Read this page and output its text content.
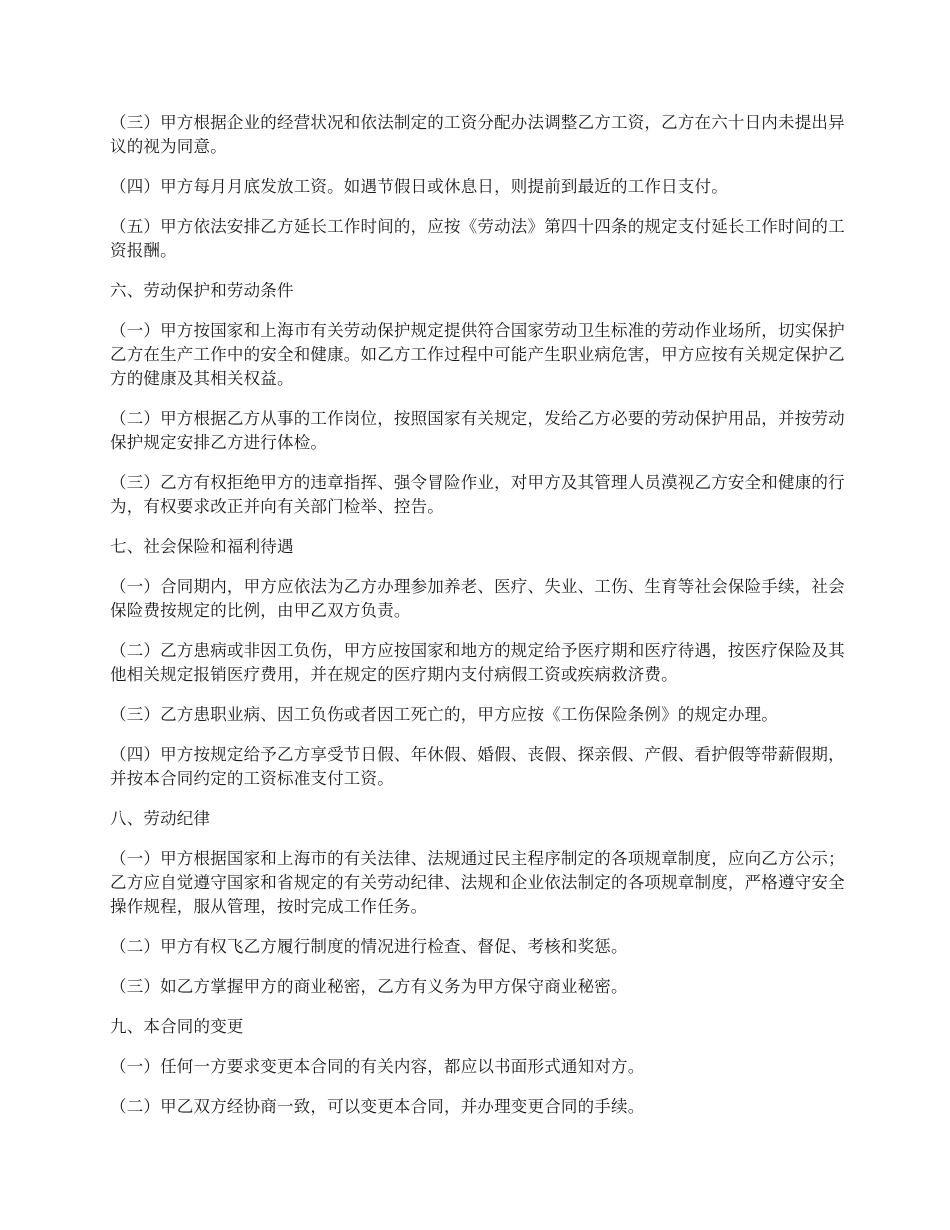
（三）甲方根据企业的经营状况和依法制定的工资分配办法调整乙方工资，乙方在六十日内未提出异议的视为同意。

（四）甲方每月月底发放工资。如遇节假日或休息日，则提前到最近的工作日支付。

（五）甲方依法安排乙方延长工作时间的，应按《劳动法》第四十四条的规定支付延长工作时间的工资报酬。

六、劳动保护和劳动条件

（一）甲方按国家和上海市有关劳动保护规定提供符合国家劳动卫生标准的劳动作业场所，切实保护乙方在生产工作中的安全和健康。如乙方工作过程中可能产生职业病危害，甲方应按有关规定保护乙方的健康及其相关权益。

（二）甲方根据乙方从事的工作岗位，按照国家有关规定，发给乙方必要的劳动保护用品，并按劳动保护规定安排乙方进行体检。

（三）乙方有权拒绝甲方的违章指挥、强令冒险作业，对甲方及其管理人员漠视乙方安全和健康的行为，有权要求改正并向有关部门检举、控告。

七、社会保险和福利待遇

（一）合同期内，甲方应依法为乙方办理参加养老、医疗、失业、工伤、生育等社会保险手续，社会保险费按规定的比例，由甲乙双方负责。

（二）乙方患病或非因工负伤，甲方应按国家和地方的规定给予医疗期和医疗待遇，按医疗保险及其他相关规定报销医疗费用，并在规定的医疗期内支付病假工资或疾病救济费。

（三）乙方患职业病、因工负伤或者因工死亡的，甲方应按《工伤保险条例》的规定办理。

（四）甲方按规定给予乙方享受节日假、年休假、婚假、丧假、探亲假、产假、看护假等带薪假期，并按本合同约定的工资标准支付工资。

八、劳动纪律

（一）甲方根据国家和上海市的有关法律、法规通过民主程序制定的各项规章制度，应向乙方公示；乙方应自觉遵守国家和省规定的有关劳动纪律、法规和企业依法制定的各项规章制度，严格遵守安全操作规程，服从管理，按时完成工作任务。

（二）甲方有权飞乙方履行制度的情况进行检查、督促、考核和奖惩。

（三）如乙方掌握甲方的商业秘密，乙方有义务为甲方保守商业秘密。

九、本合同的变更

（一）任何一方要求变更本合同的有关内容，都应以书面形式通知对方。

（二）甲乙双方经协商一致，可以变更本合同，并办理变更合同的手续。
